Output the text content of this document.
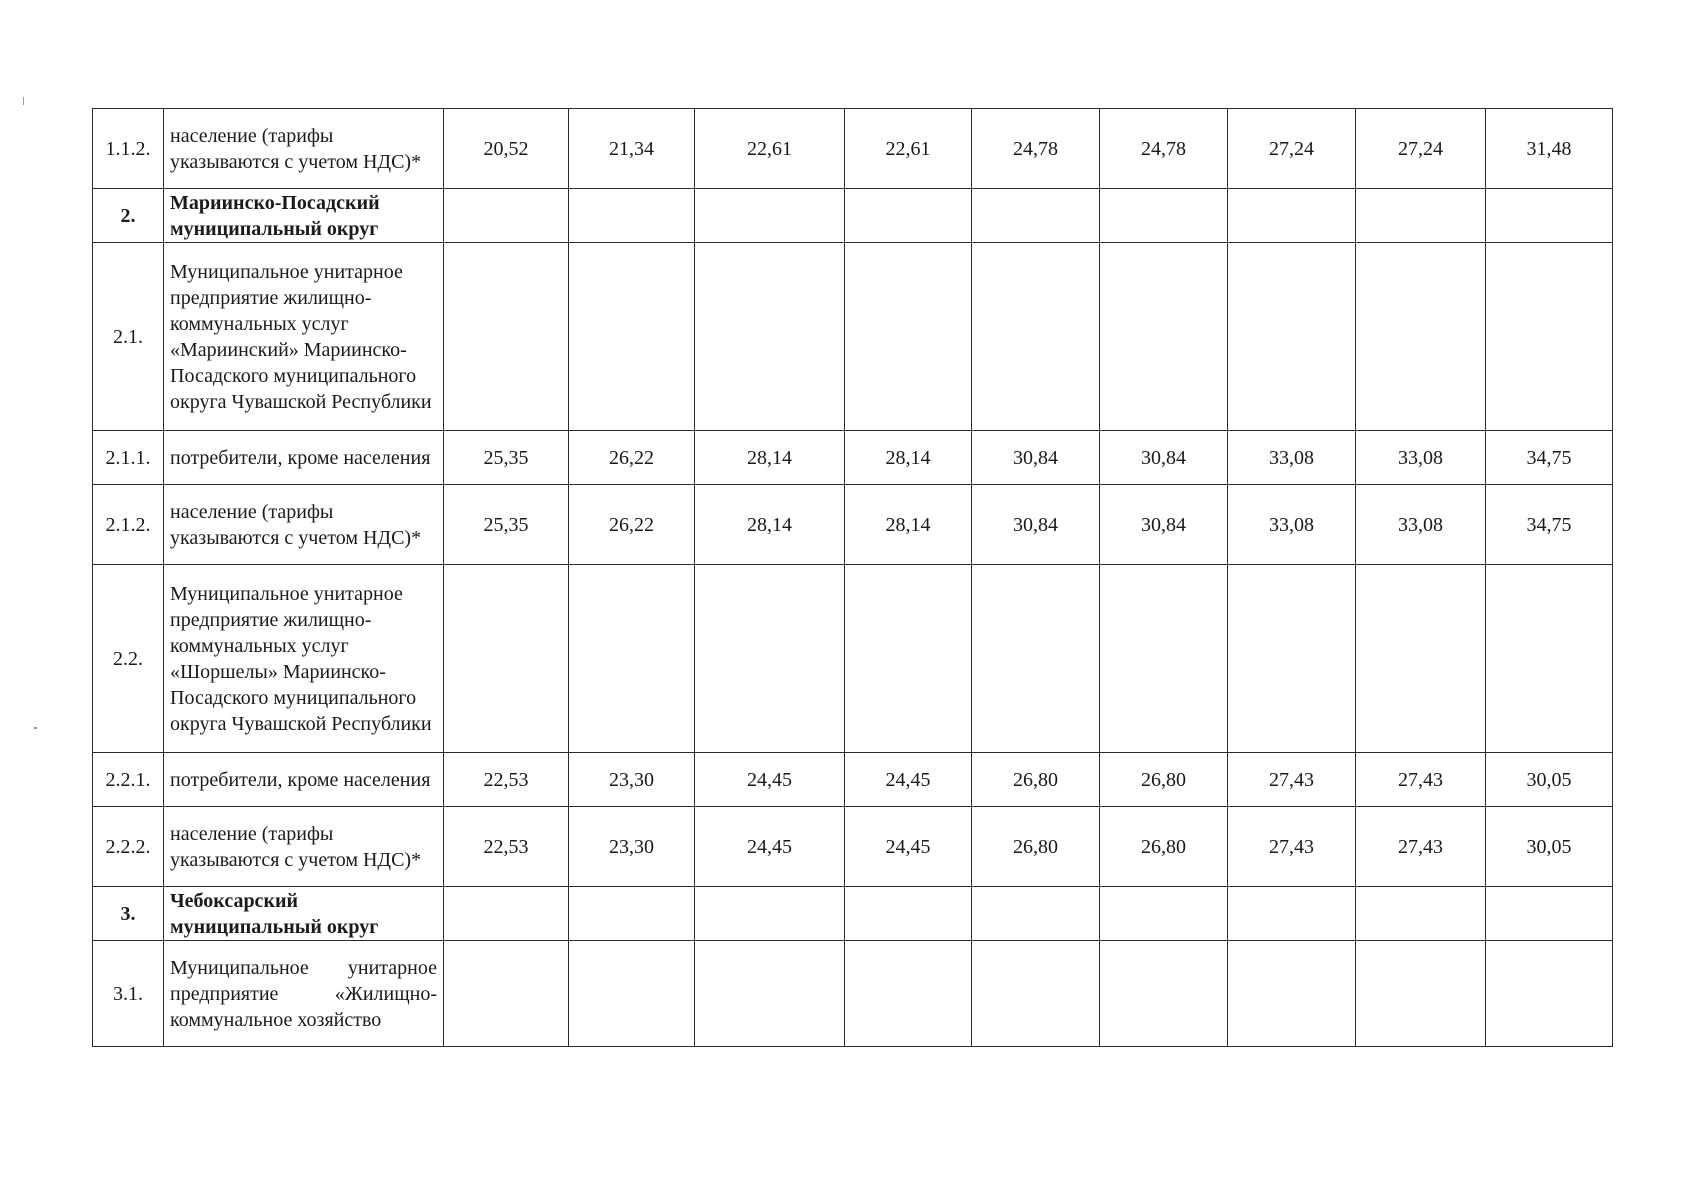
1.1.2.	население (тарифы указываются с учетом НДС)*	20,52	21,34	22,61	22,61	24,78	24,78	27,24	27,24	31,48
2.	Мариинско-Посадский муниципальный округ									
2.1.	Муниципальное унитарное предприятие жилищно-коммунальных услуг «Мариинский» Мариинско-Посадского муниципального округа Чувашской Республики									
2.1.1.	потребители, кроме населения	25,35	26,22	28,14	28,14	30,84	30,84	33,08	33,08	34,75
2.1.2.	население (тарифы указываются с учетом НДС)*	25,35	26,22	28,14	28,14	30,84	30,84	33,08	33,08	34,75
2.2.	Муниципальное унитарное предприятие жилищно-коммунальных услуг «Шоршелы» Мариинско-Посадского муниципального округа Чувашской Республики									
2.2.1.	потребители, кроме населения	22,53	23,30	24,45	24,45	26,80	26,80	27,43	27,43	30,05
2.2.2.	население (тарифы указываются с учетом НДС)*	22,53	23,30	24,45	24,45	26,80	26,80	27,43	27,43	30,05
3.	Чебоксарский муниципальный округ									
3.1.	Муниципальное унитарное предприятие «Жилищно-коммунальное хозяйство									
